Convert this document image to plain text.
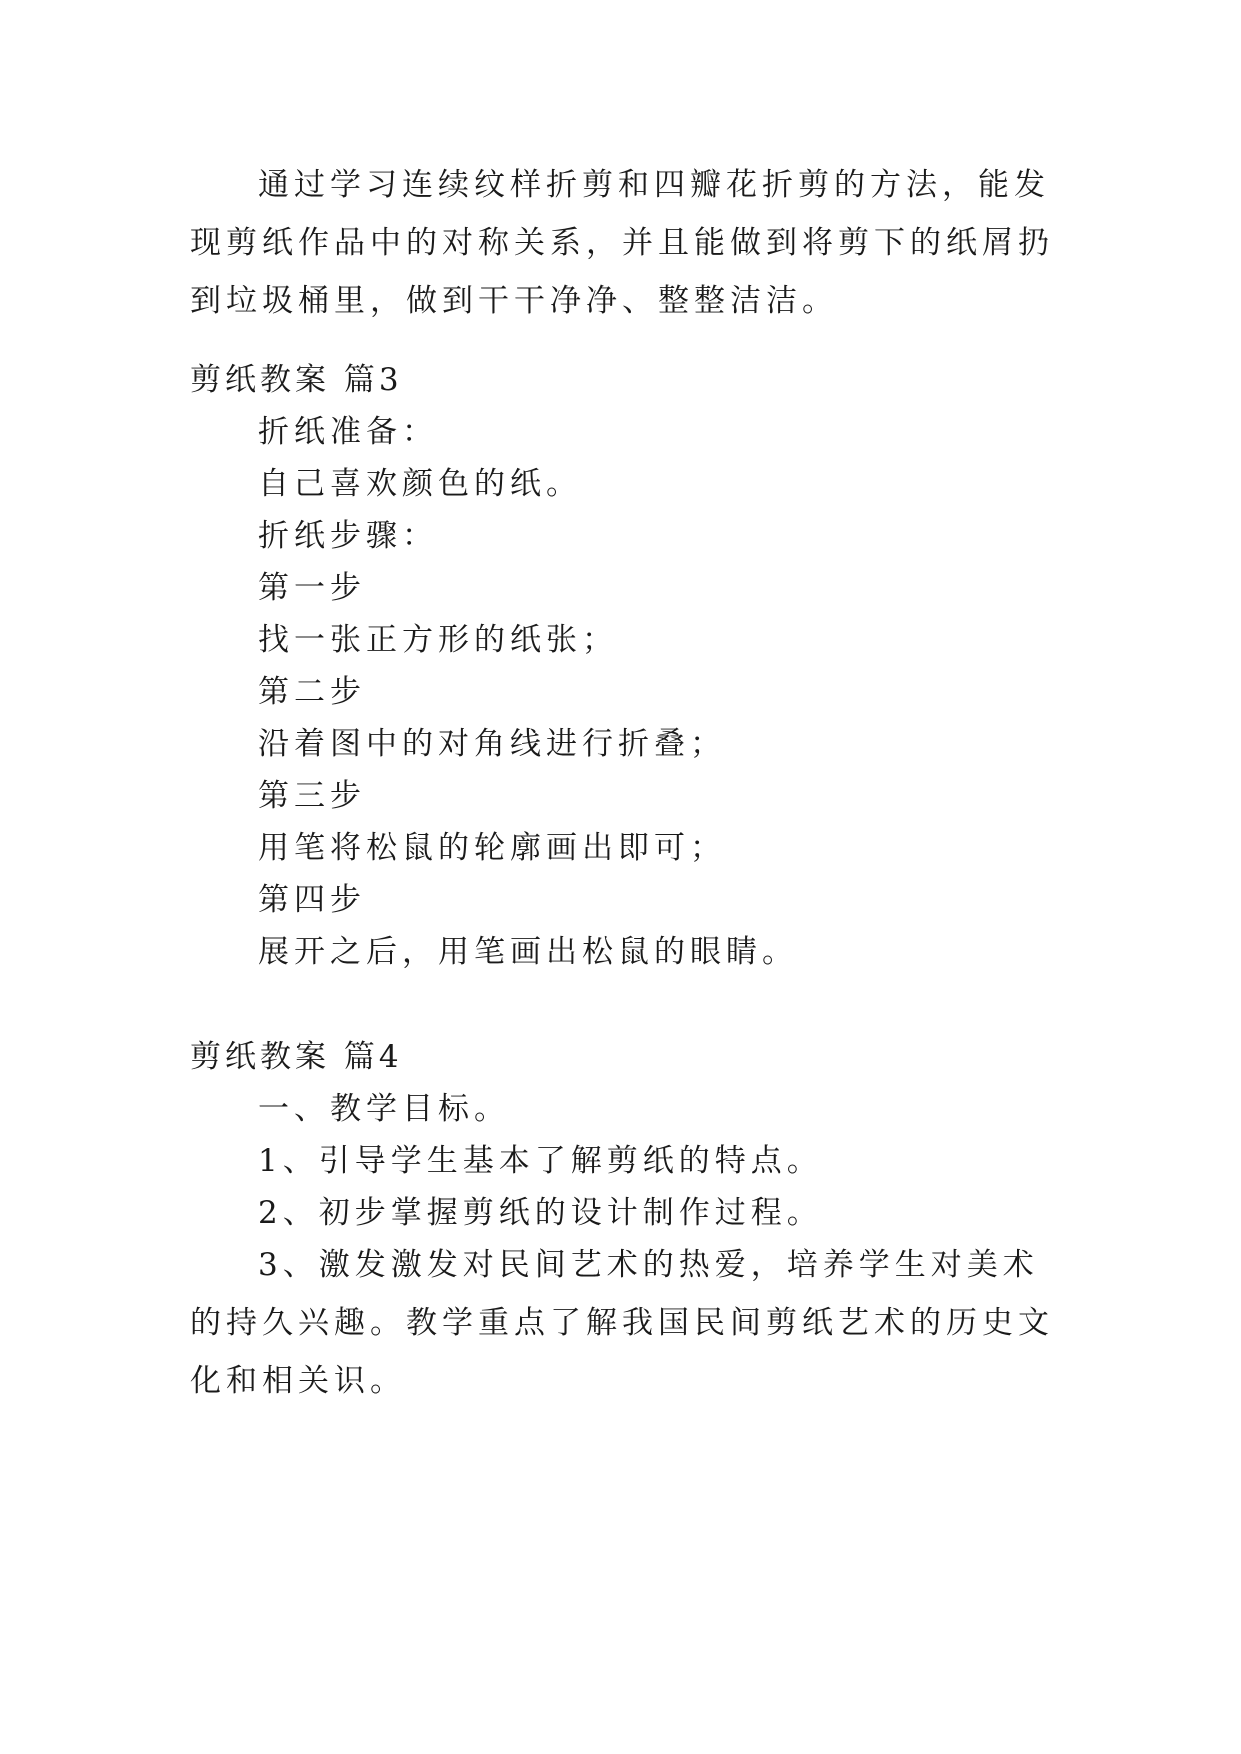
通过学习连续纹样折剪和四瓣花折剪的方法，能发现剪纸作品中的对称关系，并且能做到将剪下的纸屑扔到垃圾桶里，做到干干净净、整整洁洁。
剪纸教案 篇3
折纸准备：
自己喜欢颜色的纸。
折纸步骤：
第一步
找一张正方形的纸张；
第二步
沿着图中的对角线进行折叠；
第三步
用笔将松鼠的轮廓画出即可；
第四步
展开之后，用笔画出松鼠的眼睛。
剪纸教案 篇4
一、教学目标。
1、引导学生基本了解剪纸的特点。
2、初步掌握剪纸的设计制作过程。
3、激发激发对民间艺术的热爱，培养学生对美术的持久兴趣。教学重点了解我国民间剪纸艺术的历史文化和相关识。
